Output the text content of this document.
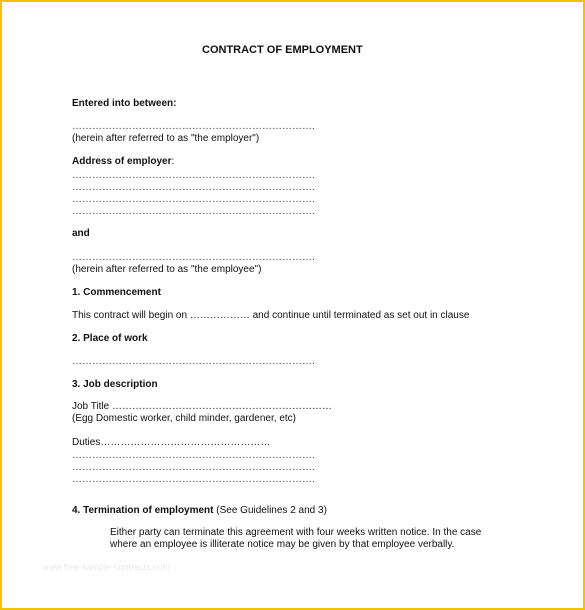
CONTRACT OF EMPLOYMENT
Entered into between:
……………………………………………………………….
(herein after referred to as "the employer")
Address of employer:
……………………………………………………………….
……………………………………………………………….
……………………………………………………………….
……………………………………………………………….
and
……………………………………………………………….
(herein after referred to as "the employee")
1. Commencement
This contract will begin on ……………… and continue until terminated as set out in clause
2. Place of work
……………………………………………………………….
3. Job description
Job Title …………………………………………………………
(Egg Domestic worker, child minder, gardener, etc)
Duties……………………………………………
……………………………………………………………….
……………………………………………………………….
……………………………………………………………….
4. Termination of employment (See Guidelines 2 and 3)
Either party can terminate this agreement with four weeks written notice. In the case where an employee is illiterate notice may be given by that employee verbally.
www.free-sample-contracts.com
